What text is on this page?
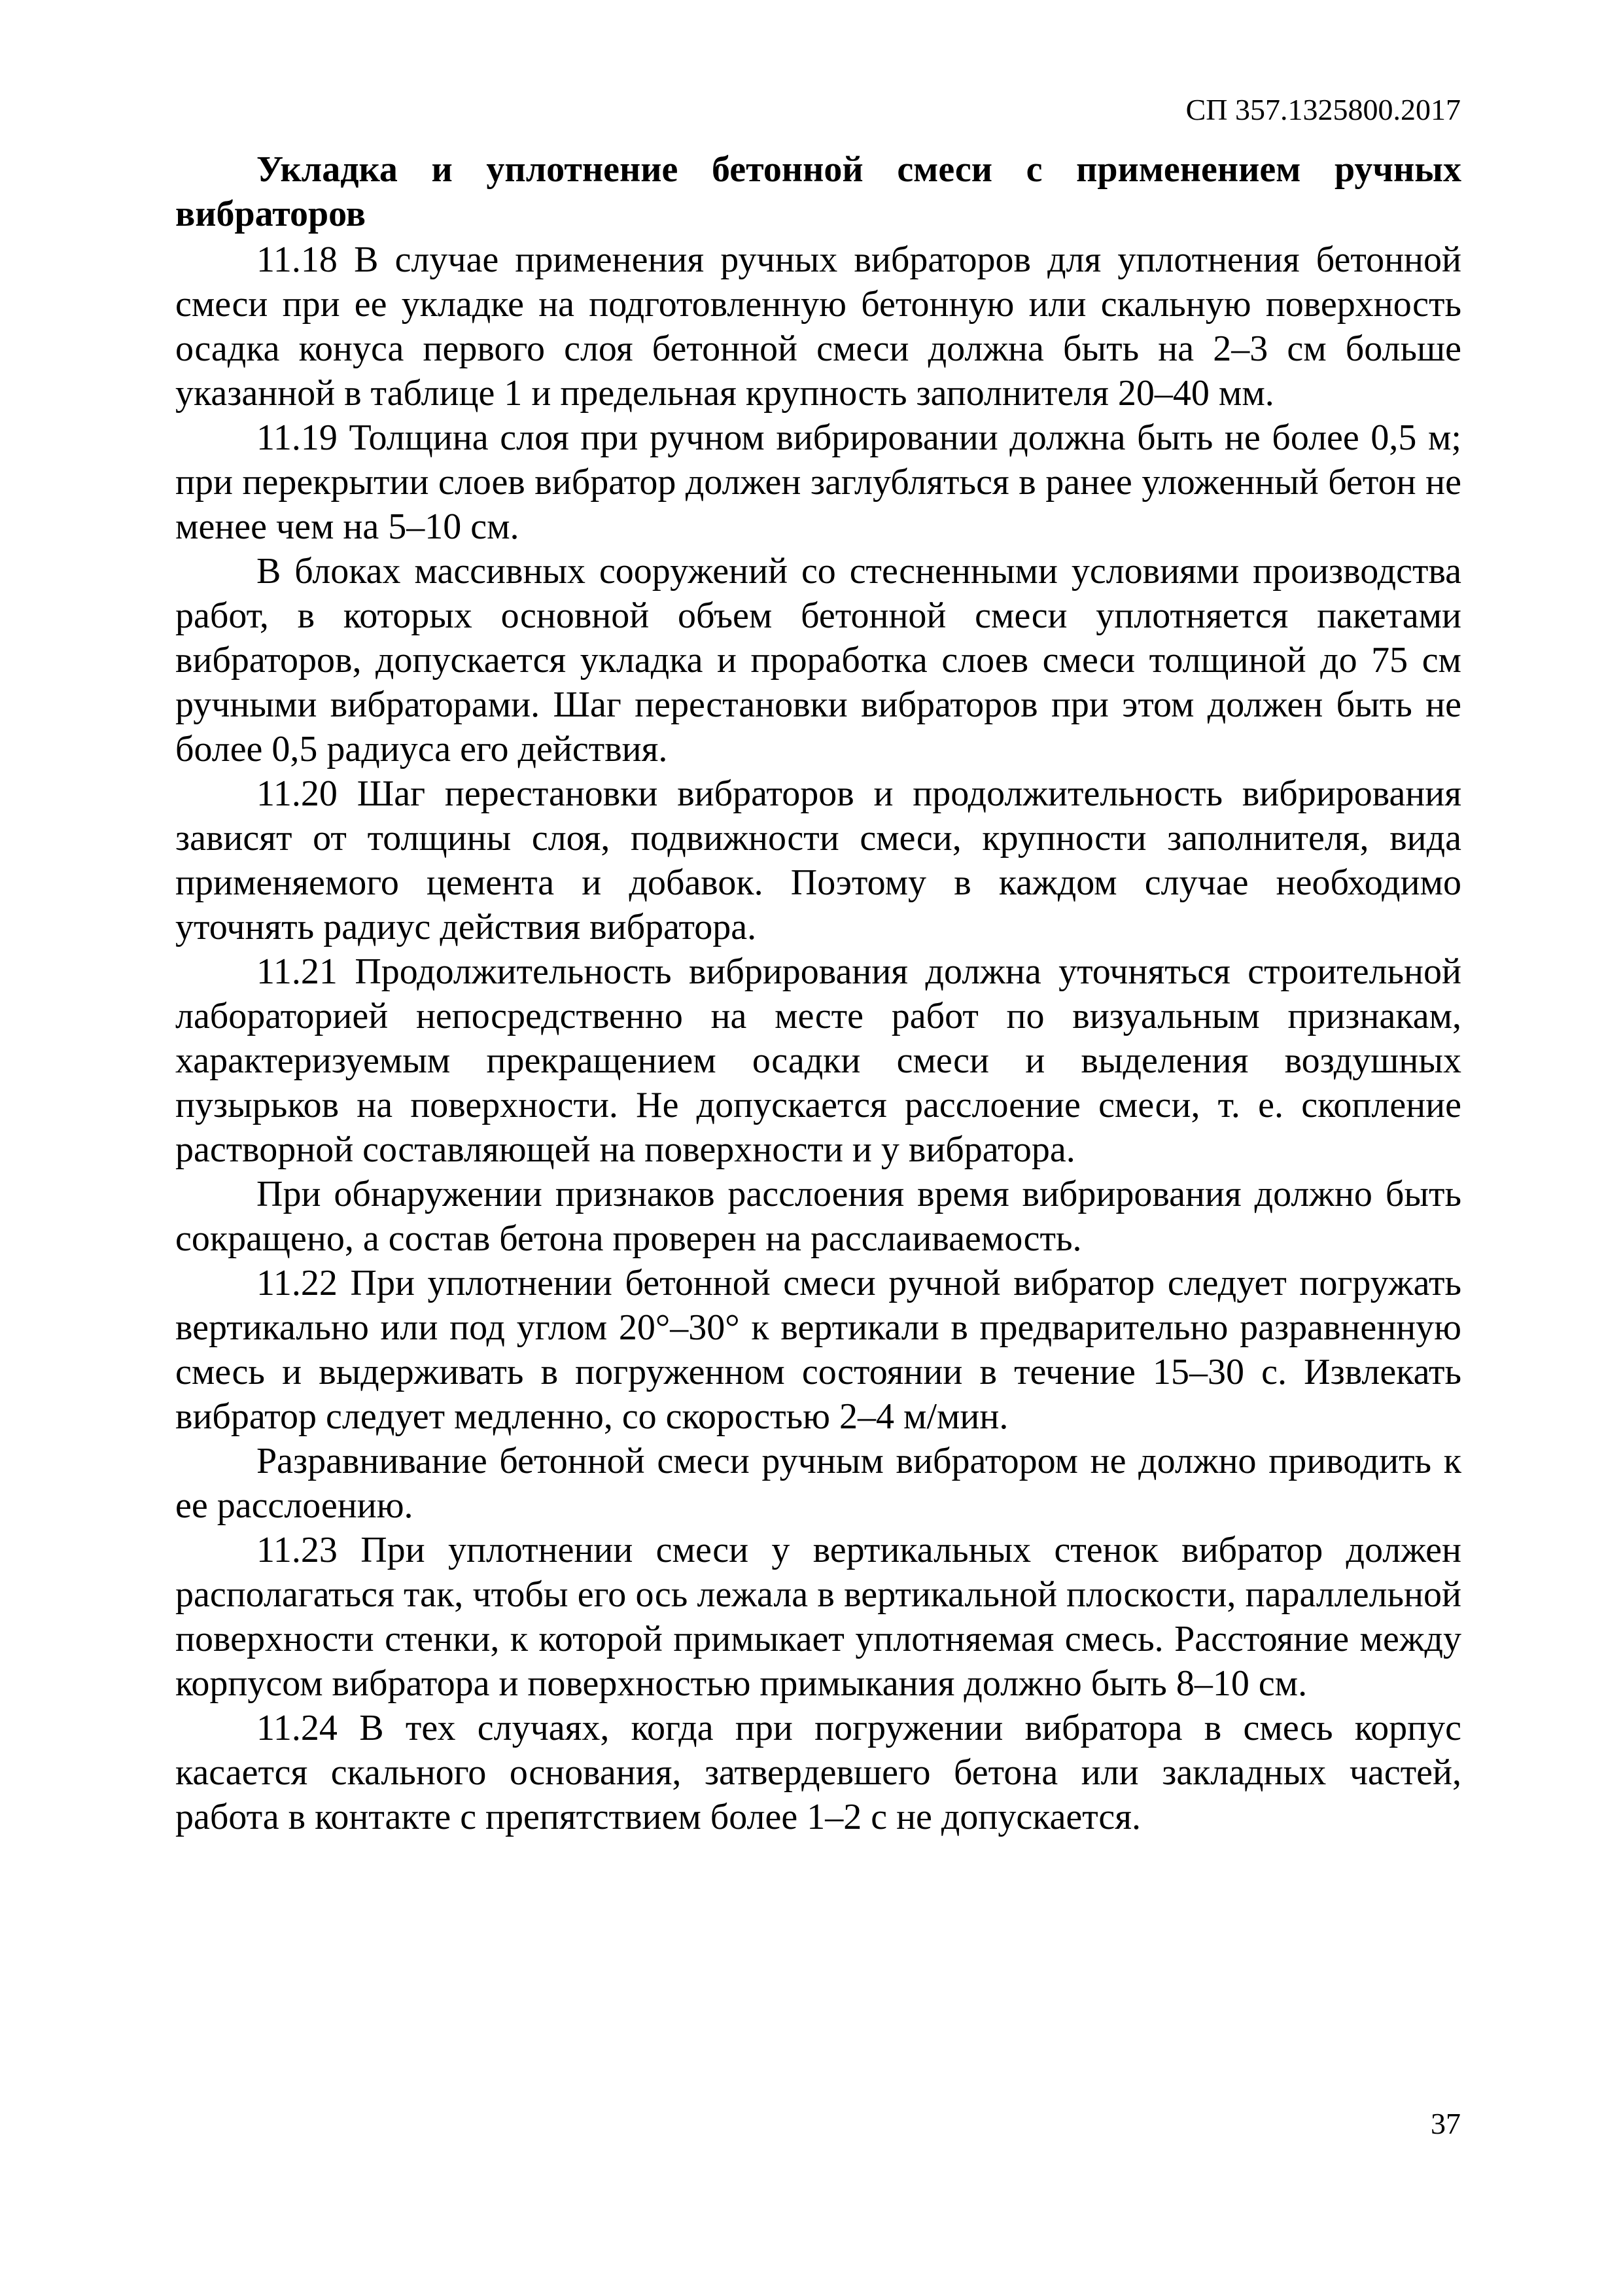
СП 357.1325800.2017

Укладка и уплотнение бетонной смеси с применением ручных вибраторов

11.18 В случае применения ручных вибраторов для уплотнения бетонной смеси при ее укладке на подготовленную бетонную или скальную поверхность осадка конуса первого слоя бетонной смеси должна быть на 2–3 см больше указанной в таблице 1 и предельная крупность заполнителя 20–40 мм.

11.19 Толщина слоя при ручном вибрировании должна быть не более 0,5 м; при перекрытии слоев вибратор должен заглубляться в ранее уложенный бетон не менее чем на 5–10 см.

В блоках массивных сооружений со стесненными условиями производства работ, в которых основной объем бетонной смеси уплотняется пакетами вибраторов, допускается укладка и проработка слоев смеси толщиной до 75 см ручными вибраторами. Шаг перестановки вибраторов при этом должен быть не более 0,5 радиуса его действия.

11.20 Шаг перестановки вибраторов и продолжительность вибрирования зависят от толщины слоя, подвижности смеси, крупности заполнителя, вида применяемого цемента и добавок. Поэтому в каждом случае необходимо уточнять радиус действия вибратора.

11.21 Продолжительность вибрирования должна уточняться строительной лабораторией непосредственно на месте работ по визуальным признакам, характеризуемым прекращением осадки смеси и выделения воздушных пузырьков на поверхности. Не допускается расслоение смеси, т. е. скопление растворной составляющей на поверхности и у вибратора.

При обнаружении признаков расслоения время вибрирования должно быть сокращено, а состав бетона проверен на расслаиваемость.

11.22 При уплотнении бетонной смеси ручной вибратор следует погружать вертикально или под углом 20°–30° к вертикали в предварительно разравненную смесь и выдерживать в погруженном состоянии в течение 15–30 с. Извлекать вибратор следует медленно, со скоростью 2–4 м/мин.

Разравнивание бетонной смеси ручным вибратором не должно приводить к ее расслоению.

11.23 При уплотнении смеси у вертикальных стенок вибратор должен располагаться так, чтобы его ось лежала в вертикальной плоскости, параллельной поверхности стенки, к которой примыкает уплотняемая смесь. Расстояние между корпусом вибратора и поверхностью примыкания должно быть 8–10 см.

11.24 В тех случаях, когда при погружении вибратора в смесь корпус касается скального основания, затвердевшего бетона или закладных частей, работа в контакте с препятствием более 1–2 с не допускается.

37
